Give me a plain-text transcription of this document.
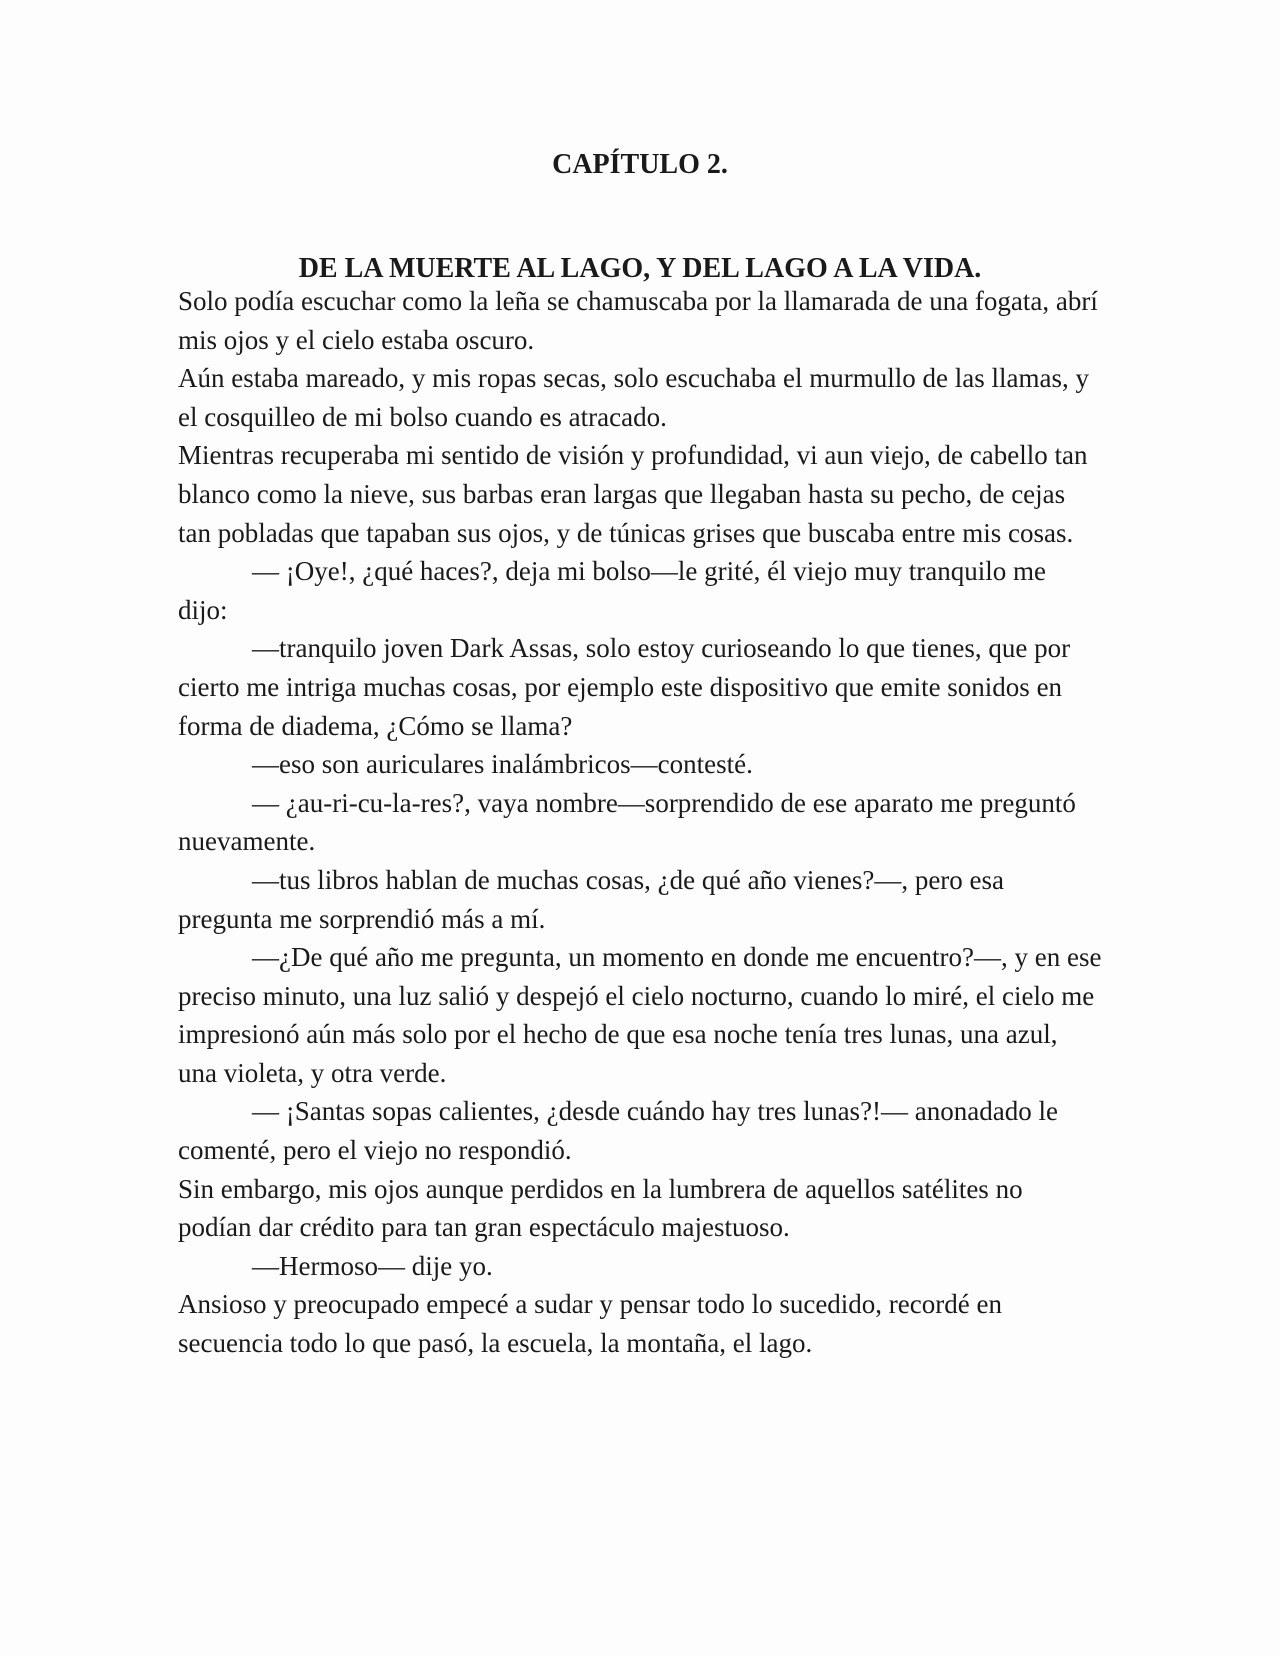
CAPÍTULO 2.
DE LA MUERTE AL LAGO, Y DEL LAGO A LA VIDA.

Solo podía escuchar como la leña se chamuscaba por la llamarada de una fogata, abrí mis ojos y el cielo estaba oscuro.

Aún estaba mareado, y mis ropas secas, solo escuchaba el murmullo de las llamas, y el cosquilleo de mi bolso cuando es atracado.

Mientras recuperaba mi sentido de visión y profundidad, vi aun viejo, de cabello tan blanco como la nieve, sus barbas eran largas que llegaban hasta su pecho, de cejas tan pobladas que tapaban sus ojos, y de túnicas grises que buscaba entre mis cosas.

— ¡Oye!, ¿qué haces?, deja mi bolso—le grité, él viejo muy tranquilo me dijo:

—tranquilo joven Dark Assas, solo estoy curioseando lo que tienes, que por cierto me intriga muchas cosas, por ejemplo este dispositivo que emite sonidos en forma de diadema, ¿Cómo se llama?

—eso son auriculares inalámbricos—contesté.

— ¿au-ri-cu-la-res?, vaya nombre—sorprendido de ese aparato me preguntó nuevamente.

—tus libros hablan de muchas cosas, ¿de qué año vienes?—, pero esa pregunta me sorprendió más a mí.

—¿De qué año me pregunta, un momento en donde me encuentro?—, y en ese preciso minuto, una luz salió y despejó el cielo nocturno, cuando lo miré, el cielo me impresionó aún más solo por el hecho de que esa noche tenía tres lunas, una azul, una violeta, y otra verde.

— ¡Santas sopas calientes, ¿desde cuándo hay tres lunas?!— anonadado le comenté, pero el viejo no respondió.

Sin embargo, mis ojos aunque perdidos en la lumbrera de aquellos satélites no podían dar crédito para tan gran espectáculo majestuoso.

—Hermoso— dije yo.

Ansioso y preocupado empecé a sudar y pensar todo lo sucedido, recordé en secuencia todo lo que pasó, la escuela, la montaña, el lago.
